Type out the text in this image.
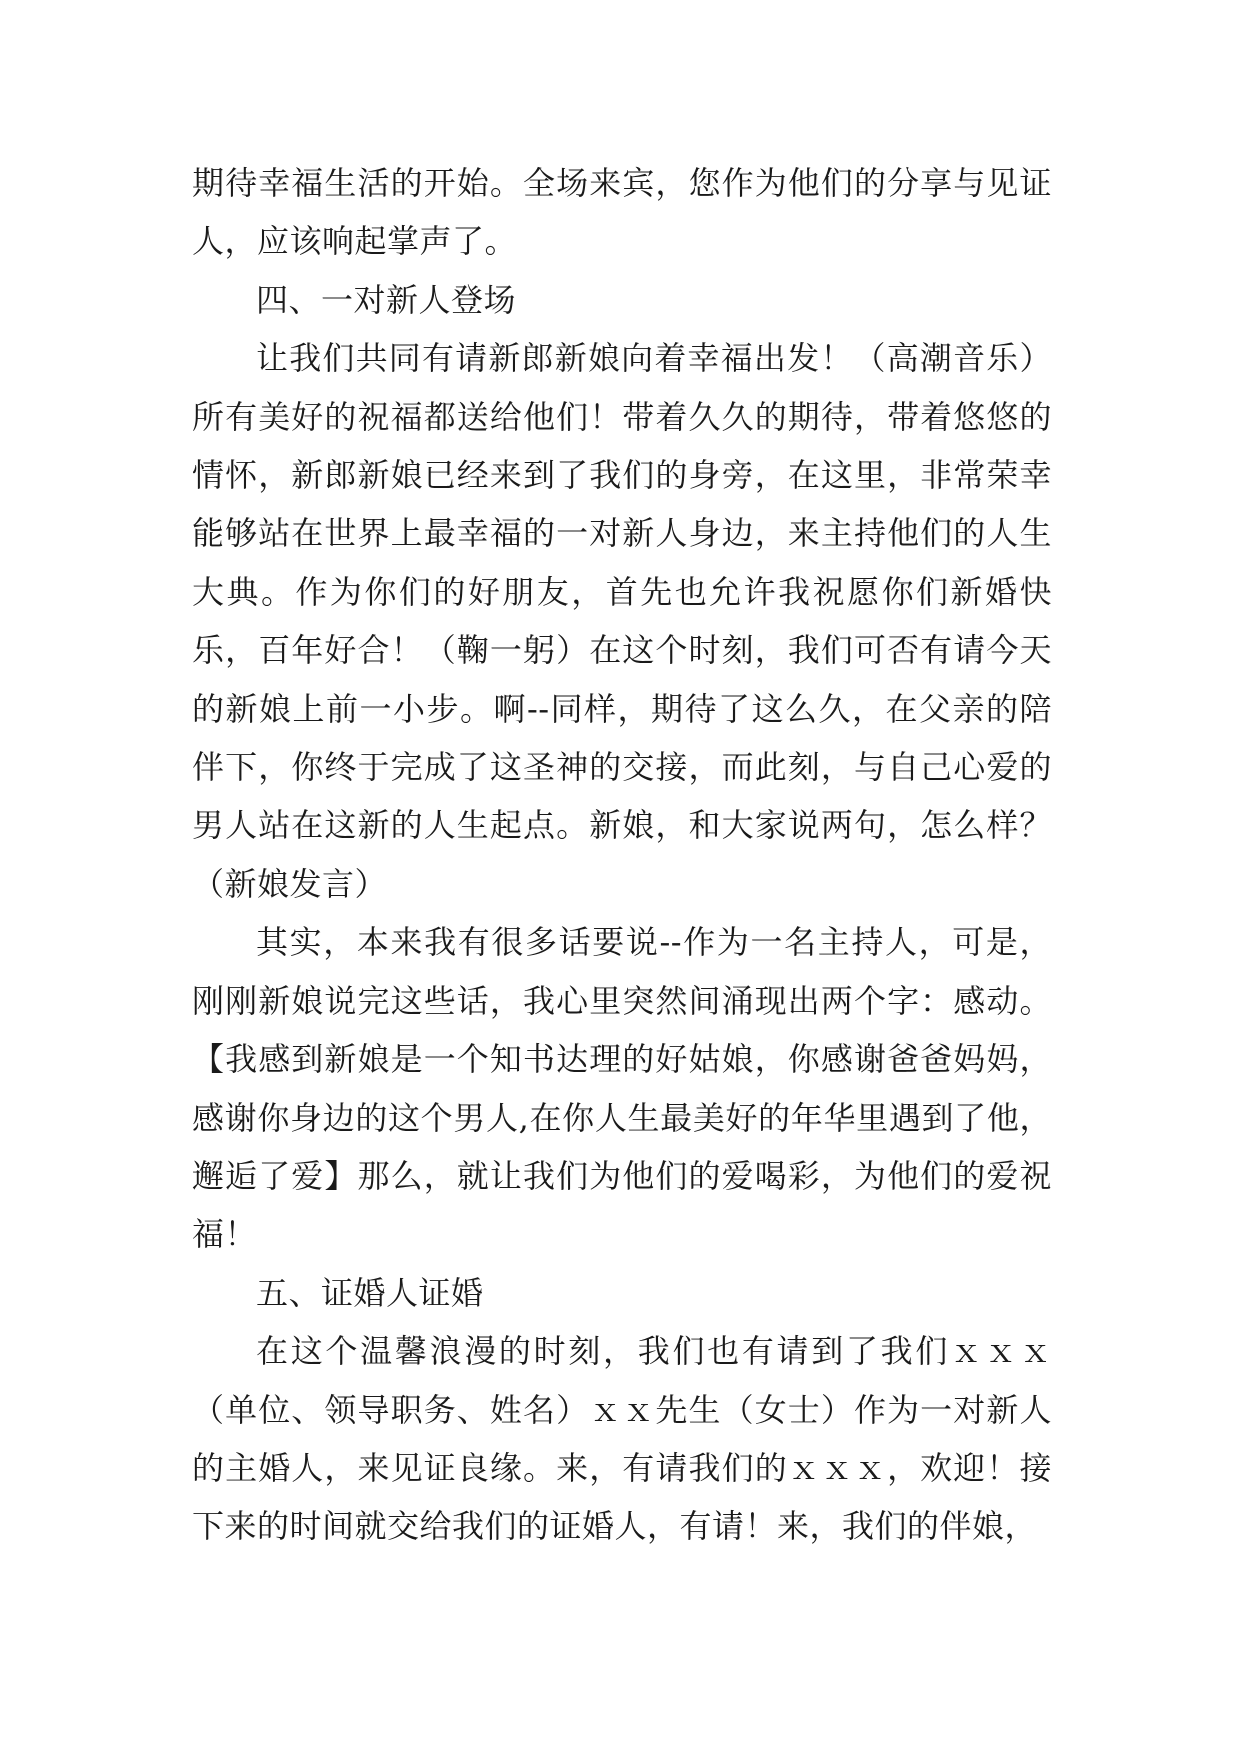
期待幸福生活的开始。全场来宾，您作为他们的分享与见证人，应该响起掌声了。

四、一对新人登场

让我们共同有请新郎新娘向着幸福出发！（高潮音乐）所有美好的祝福都送给他们！带着久久的期待，带着悠悠的情怀，新郎新娘已经来到了我们的身旁，在这里，非常荣幸能够站在世界上最幸福的一对新人身边，来主持他们的人生大典。作为你们的好朋友，首先也允许我祝愿你们新婚快乐，百年好合！（鞠一躬）在这个时刻，我们可否有请今天的新娘上前一小步。啊--同样，期待了这么久，在父亲的陪伴下，你终于完成了这圣神的交接，而此刻，与自己心爱的男人站在这新的人生起点。新娘，和大家说两句，怎么样？（新娘发言）

其实，本来我有很多话要说--作为一名主持人，可是，刚刚新娘说完这些话，我心里突然间涌现出两个字：感动。【我感到新娘是一个知书达理的好姑娘，你感谢爸爸妈妈，感谢你身边的这个男人,在你人生最美好的年华里遇到了他，邂逅了爱】那么，就让我们为他们的爱喝彩，为他们的爱祝福！

五、证婚人证婚

在这个温馨浪漫的时刻，我们也有请到了我们ｘｘｘ（单位、领导职务、姓名）ｘｘ先生（女士）作为一对新人的主婚人，来见证良缘。来，有请我们的ｘｘｘ，欢迎！接下来的时间就交给我们的证婚人，有请！来，我们的伴娘，
